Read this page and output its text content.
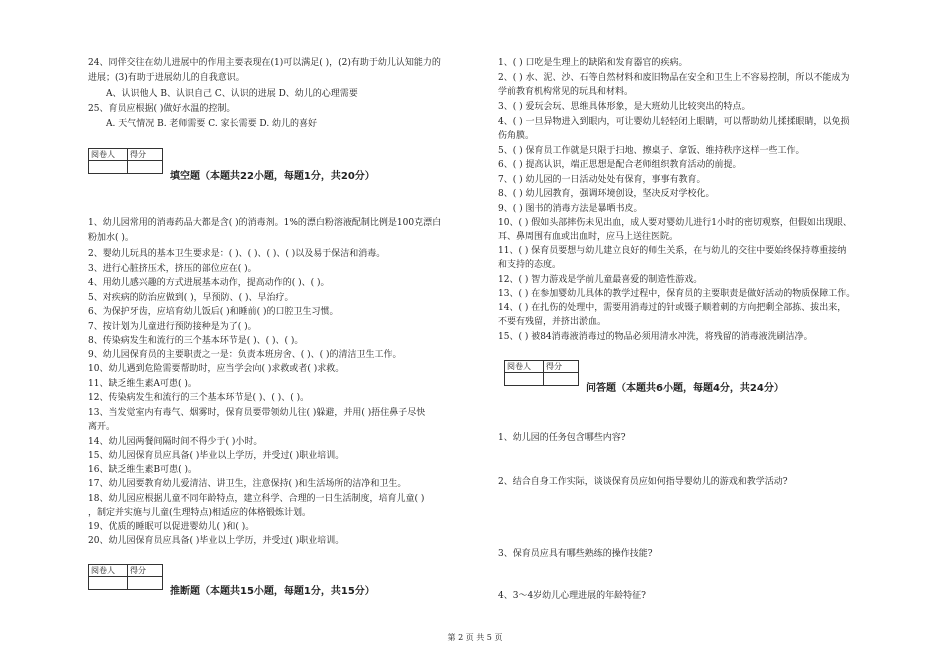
24、同伴交往在幼儿进展中的作用主要表现在(1)可以满足( )，(2)有助于幼儿认知能力的
进展；(3)有助于进展幼儿的自我意识。
A、认识他人 B、认识自己 C、认识的进展 D、幼儿的心理需要
25、育员应根据( )做好水温的控制。
A. 天气情况 B. 老师需要 C. 家长需要 D. 幼儿的喜好
阅卷人	得分

填空题（本题共22小题，每题1分，共20分）
1、幼儿园常用的消毒药品大都是含( )的消毒剂。1%的漂白粉溶液配制比例是100克漂白
粉加水( )。
2、婴幼儿玩具的基本卫生要求是：( )、( )、( )、( )以及易于保洁和消毒。
3、进行心脏挤压术，挤压的部位应在( )。
4、用幼儿感兴趣的方式进展基本动作，提高动作的( )、( )。
5、对疾病的防治应做到( )，早预防、( )、早治疗。
6、为保护牙齿，应培育幼儿饭后( )和睡前( )的口腔卫生习惯。
7、按计划为儿童进行预防接种是为了( )。
8、传染病发生和流行的三个基本环节是( )、( )、( )。
9、幼儿园保育员的主要职责之一是：负责本班房舍、( )、( )的清洁卫生工作。
10、幼儿遇到危险需要帮助时，应当学会向( )求救或者( )求救。
11、缺乏维生素A可患( )。
12、传染病发生和流行的三个基本环节是( )、( )、( )。
13、当发觉室内有毒气、烟雾时，保育员要带领幼儿往( )躲避，并用( )捂住鼻子尽快
离开。
14、幼儿园两餐间隔时间不得少于( )小时。
15、幼儿园保育员应具备( )毕业以上学历，并受过( )职业培训。
16、缺乏维生素B可患( )。
17、幼儿园要教育幼儿爱清洁、讲卫生，注意保持( )和生活场所的洁净和卫生。
18、幼儿园应根据儿童不同年龄特点，建立科学、合理的一日生活制度，培育儿童( )
，制定并实施与儿童(生理特点)相适应的体格锻炼计划。
19、优质的睡眠可以促进婴幼儿( )和( )。
20、幼儿园保育员应具备( )毕业以上学历，并受过( )职业培训。
阅卷人	得分

推断题（本题共15小题，每题1分，共15分）
1、( ) 口吃是生理上的缺陷和发育器官的疾病。
2、( ) 水、泥、沙、石等自然材料和废旧物品在安全和卫生上不容易控制，所以不能成为
学前教育机构常见的玩具和材料。
3、( ) 爱玩会玩、思维具体形象，是大班幼儿比较突出的特点。
4、( ) 一旦异物进入到眼内，可让婴幼儿轻轻闭上眼睛，可以帮助幼儿揉揉眼睛，以免损
伤角膜。
5、( ) 保育员工作就是只限于扫地、擦桌子、拿饭、维持秩序这样一些工作。
6、( ) 提高认识，端正思想是配合老师组织教育活动的前提。
7、( ) 幼儿园的一日活动处处有保育，事事有教育。
8、( ) 幼儿园教育，强调环境创设，坚决反对学校化。
9、( ) 图书的消毒方法是暴晒书皮。
10、( ) 假如头部摔伤未见出血，成人要对婴幼儿进行1小时的密切观察，但假如出现眼、
耳、鼻周围有血或出血时，应马上送往医院。
11、( ) 保育员要想与幼儿建立良好的师生关系，在与幼儿的交往中要始终保持尊重接纳
和支持的态度。
12、( ) 智力游戏是学前儿童最喜爱的制造性游戏。
13、( ) 在参加婴幼儿具体的教学过程中，保育员的主要职责是做好活动的物质保障工作。
14、( ) 在扎伤的处理中，需要用消毒过的针或镊子顺着刺的方向把剩全部拣、拔出来，
不要有残留，并挤出淤血。
15、( ) 被84消毒液消毒过的物品必须用清水冲洗，将残留的消毒液洗刷洁净。
阅卷人	得分

问答题（本题共6小题，每题4分，共24分）
1、幼儿园的任务包含哪些内容?
2、结合自身工作实际，谈谈保育员应如何指导婴幼儿的游戏和教学活动?
3、保育员应具有哪些熟练的操作技能?
4、3～4岁幼儿心理进展的年龄特征?
第 2 页 共 5 页
